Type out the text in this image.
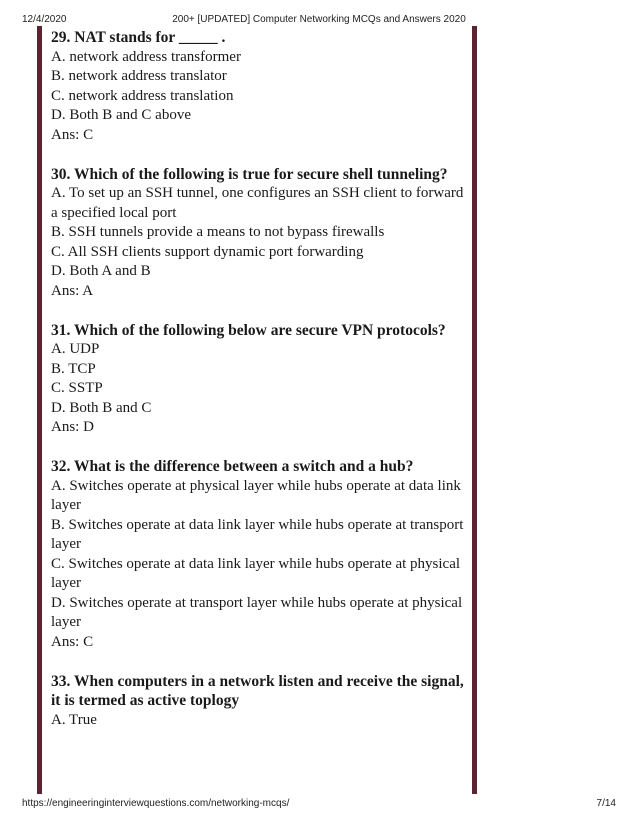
12/4/2020	200+ [UPDATED] Computer Networking MCQs and Answers 2020
29. NAT stands for _____ .
A. network address transformer
B. network address translator
C. network address translation
D. Both B and C above
Ans: C
30. Which of the following is true for secure shell tunneling?
A. To set up an SSH tunnel, one configures an SSH client to forward a specified local port
B. SSH tunnels provide a means to not bypass firewalls
C. All SSH clients support dynamic port forwarding
D. Both A and B
Ans: A
31. Which of the following below are secure VPN protocols?
A. UDP
B. TCP
C. SSTP
D. Both B and C
Ans: D
32. What is the difference between a switch and a hub?
A. Switches operate at physical layer while hubs operate at data link layer
B. Switches operate at data link layer while hubs operate at transport layer
C. Switches operate at data link layer while hubs operate at physical layer
D. Switches operate at transport layer while hubs operate at physical layer
Ans: C
33. When computers in a network listen and receive the signal, it is termed as active toplogy
A. True
https://engineeringinterviewquestions.com/networking-mcqs/	7/14
